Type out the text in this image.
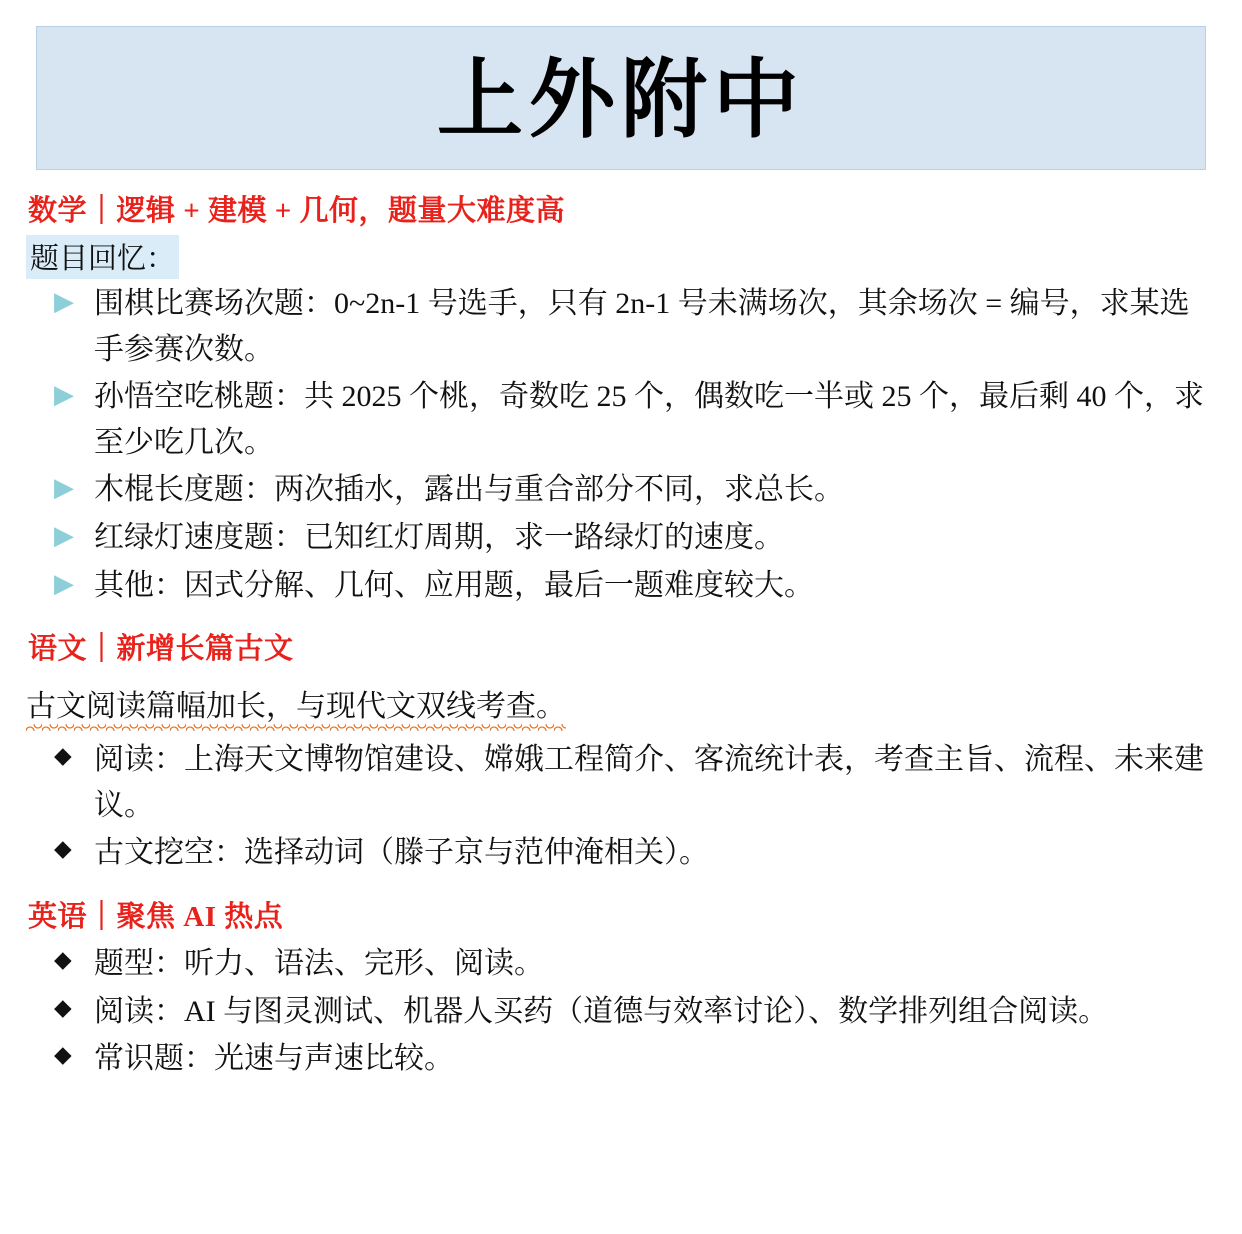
上外附中
数学｜逻辑 + 建模 + 几何，题量大难度高
题目回忆：
▶ 围棋比赛场次题：0~2n-1 号选手，只有 2n-1 号未满场次，其余场次 = 编号，求某选手参赛次数。
▶ 孙悟空吃桃题：共 2025 个桃，奇数吃 25 个，偶数吃一半或 25 个，最后剩 40 个，求至少吃几次。
▶ 木棍长度题：两次插水，露出与重合部分不同，求总长。
▶ 红绿灯速度题：已知红灯周期，求一路绿灯的速度。
▶ 其他：因式分解、几何、应用题，最后一题难度较大。
语文｜新增长篇古文
古文阅读篇幅加长，与现代文双线考查。
◆ 阅读：上海天文博物馆建设、嫦娥工程简介、客流统计表，考查主旨、流程、未来建议。
◆ 古文挖空：选择动词（滕子京与范仲淹相关）。
英语｜聚焦 AI 热点
◆ 题型：听力、语法、完形、阅读。
◆ 阅读：AI 与图灵测试、机器人买药（道德与效率讨论）、数学排列组合阅读。
◆ 常识题：光速与声速比较。
